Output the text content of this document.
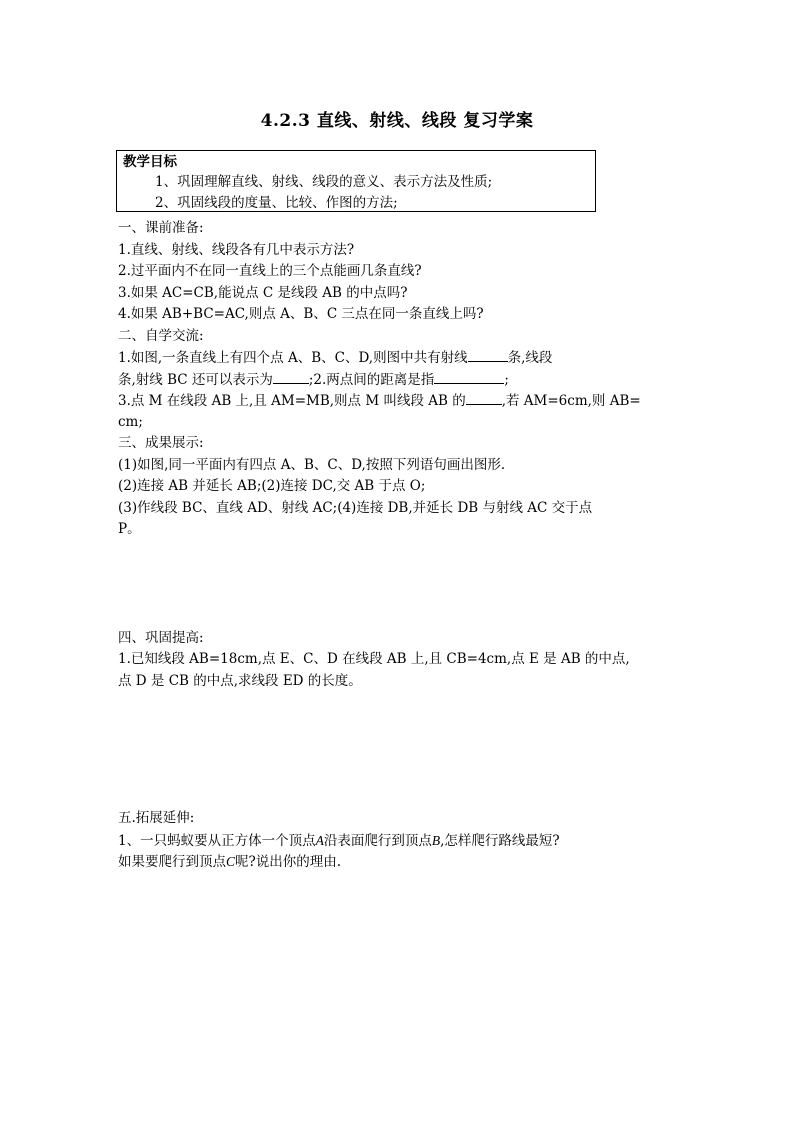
4.2.3 直线、射线、线段 复习学案
教学目标
1、巩固理解直线、射线、线段的意义、表示方法及性质;
2、巩固线段的度量、比较、作图的方法;
一、课前准备:
1.直线、射线、线段各有几中表示方法?
2.过平面内不在同一直线上的三个点能画几条直线?
3.如果 AC=CB,能说点 C 是线段 AB 的中点吗?
4.如果 AB+BC=AC,则点 A、B、C 三点在同一条直线上吗?
二、自学交流:
1.如图,一条直线上有四个点 A、B、C、D,则图中共有射线	条,线段
条,射线 BC 还可以表示为	;2.两点间的距离是指	;
3.点 M 在线段 AB 上,且 AM=MB,则点 M 叫线段 AB 的	,若 AM=6cm,则 AB=
cm;
三、成果展示:
(1)如图,同一平面内有四点 A、B、C、D,按照下列语句画出图形.
(2)连接 AB 并延长 AB;(2)连接 DC,交 AB 于点 O;
(3)作线段 BC、直线 AD、射线 AC;(4)连接 DB,并延长 DB 与射线 AC 交于点
P。
四、巩固提高:
1.已知线段 AB=18cm,点 E、C、D 在线段 AB 上,且 CB=4cm,点 E 是 AB 的中点,
点 D 是 CB 的中点,求线段 ED 的长度。
五.拓展延伸:
1、一只蚂蚁要从正方体一个顶点A沿表面爬行到顶点B,怎样爬行路线最短?
如果要爬行到顶点C呢?说出你的理由.
